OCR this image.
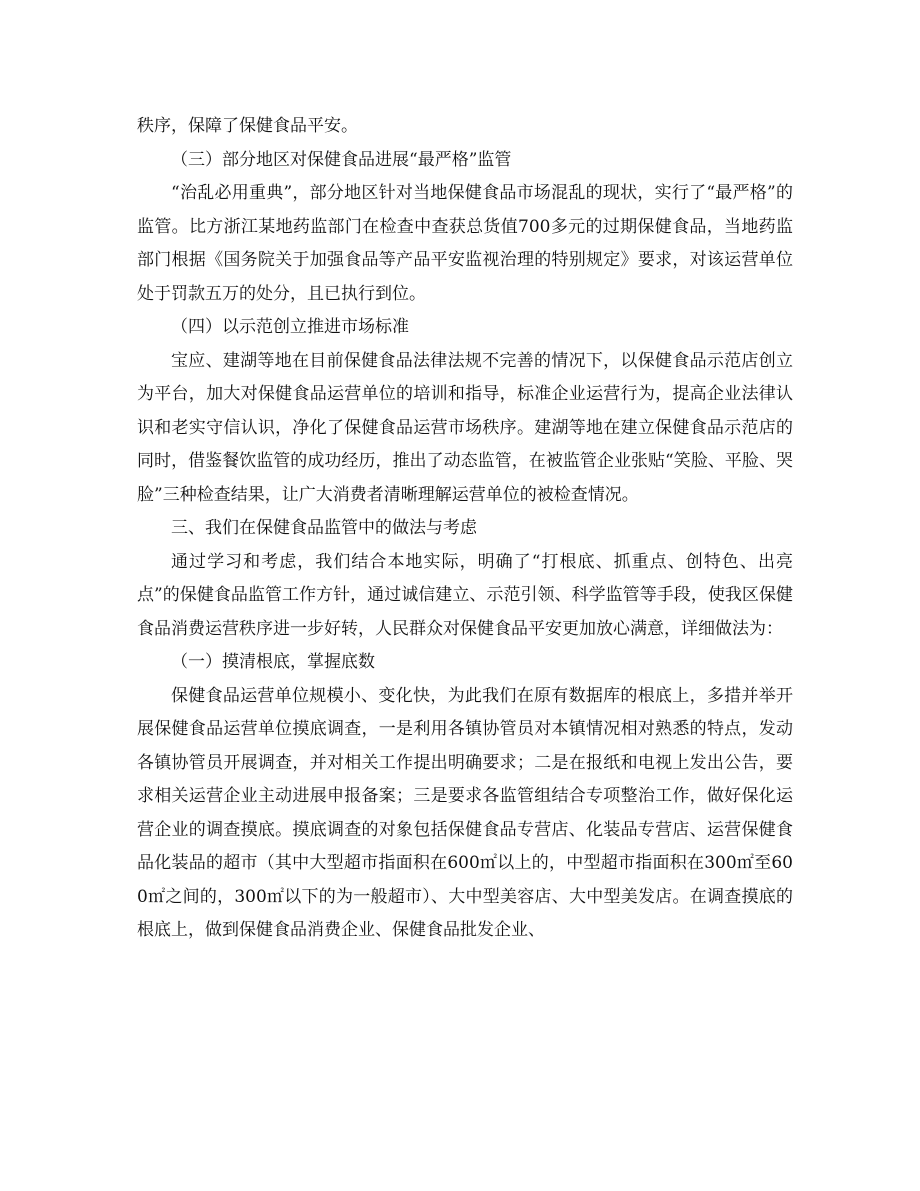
秩序，保障了保健食品平安。

（三）部分地区对保健食品进展“最严格”监管

“治乱必用重典”，部分地区针对当地保健食品市场混乱的现状，实行了“最严格”的监管。比方浙江某地药监部门在检查中查获总货值700多元的过期保健食品，当地药监部门根据《国务院关于加强食品等产品平安监视治理的特别规定》要求，对该运营单位处于罚款五万的处分，且已执行到位。

（四）以示范创立推进市场标准

宝应、建湖等地在目前保健食品法律法规不完善的情况下，以保健食品示范店创立为平台，加大对保健食品运营单位的培训和指导，标准企业运营行为，提高企业法律认识和老实守信认识，净化了保健食品运营市场秩序。建湖等地在建立保健食品示范店的同时，借鉴餐饮监管的成功经历，推出了动态监管，在被监管企业张贴“笑脸、平脸、哭脸”三种检查结果，让广大消费者清晰理解运营单位的被检查情况。

三、我们在保健食品监管中的做法与考虑

通过学习和考虑，我们结合本地实际，明确了“打根底、抓重点、创特色、出亮点”的保健食品监管工作方针，通过诚信建立、示范引领、科学监管等手段，使我区保健食品消费运营秩序进一步好转，人民群众对保健食品平安更加放心满意，详细做法为：

（一）摸清根底，掌握底数

保健食品运营单位规模小、变化快，为此我们在原有数据库的根底上，多措并举开展保健食品运营单位摸底调查，一是利用各镇协管员对本镇情况相对熟悉的特点，发动各镇协管员开展调查，并对相关工作提出明确要求；二是在报纸和电视上发出公告，要求相关运营企业主动进展申报备案；三是要求各监管组结合专项整治工作，做好保化运营企业的调查摸底。摸底调查的对象包括保健食品专营店、化装品专营店、运营保健食品化装品的超市（其中大型超市指面积在600㎡以上的，中型超市指面积在300㎡至600㎡之间的，300㎡以下的为一般超市）、大中型美容店、大中型美发店。在调查摸底的根底上，做到保健食品消费企业、保健食品批发企业、
